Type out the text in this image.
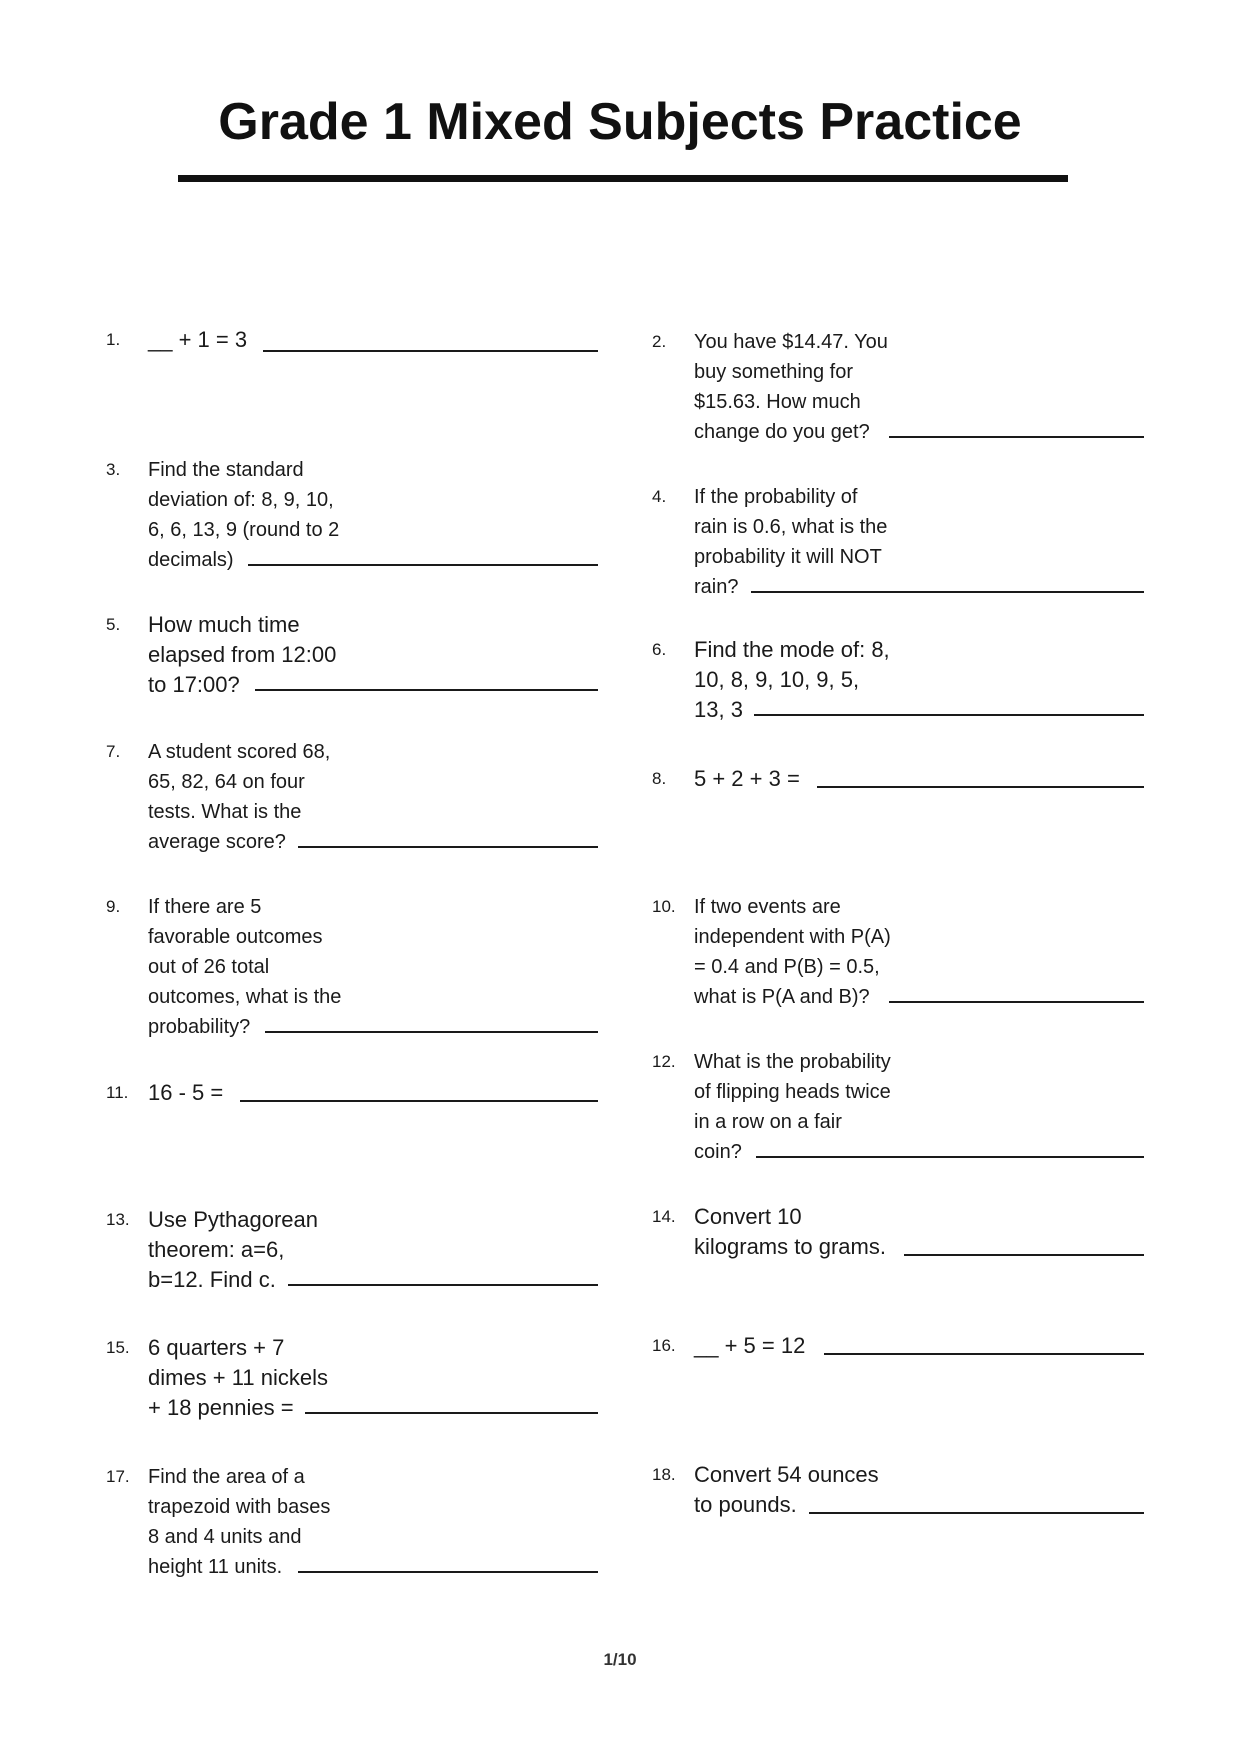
Grade 1 Mixed Subjects Practice
1.	__ + 1 = 3
3.	Find the standard
deviation of: 8, 9, 10,
6, 6, 13, 9 (round to 2
decimals)
5.	How much time
elapsed from 12:00
to 17:00?
7.	A student scored 68,
65, 82, 64 on four
tests. What is the
average score?
9.	If there are 5
favorable outcomes
out of 26 total
outcomes, what is the
probability?
11. 16 - 5 =
13. Use Pythagorean
theorem: a=6,
b=12. Find c.
15. 6 quarters + 7
dimes + 11 nickels
+ 18 pennies =
17. Find the area of a
trapezoid with bases
8 and 4 units and
height 11 units.
2.	You have $14.47. You
buy something for
$15.63. How much
change do you get?
4.	If the probability of
rain is 0.6, what is the
probability it will NOT
rain?
6.	Find the mode of: 8,
10, 8, 9, 10, 9, 5,
13, 3
8.	5 + 2 + 3 =
10. If two events are
independent with P(A)
= 0.4 and P(B) = 0.5,
what is P(A and B)?
12. What is the probability
of flipping heads twice
in a row on a fair
coin?
14. Convert 10
kilograms to grams.
16. __ + 5 = 12
18. Convert 54 ounces
to pounds.
1/10
